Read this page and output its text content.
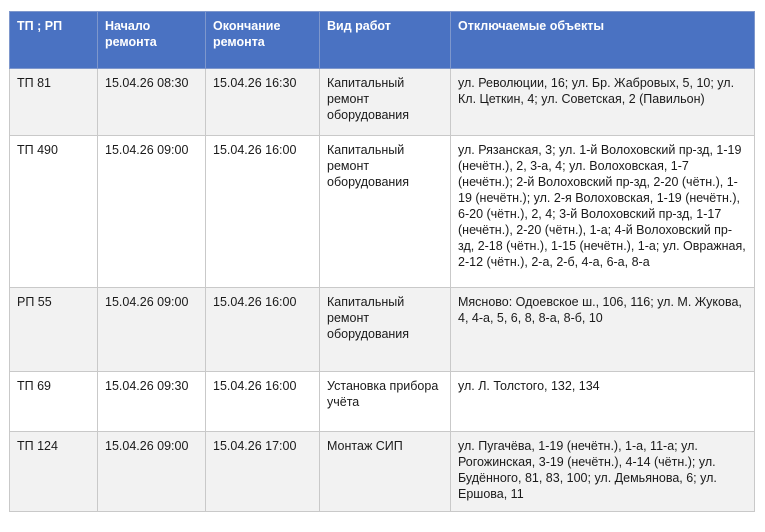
ТП ; РП	Начало ремонта	Окончание ремонта	Вид работ	Отключаемые объекты
ТП 81	15.04.26 08:30	15.04.26 16:30	Капитальный ремонт оборудования	ул. Революции, 16; ул. Бр. Жабровых, 5, 10; ул. Кл. Цеткин, 4; ул. Советская, 2 (Павильон)
ТП 490	15.04.26 09:00	15.04.26 16:00	Капитальный ремонт оборудования	ул. Рязанская, 3; ул. 1-й Волоховский пр-зд, 1-19 (нечётн.), 2, 3-а, 4; ул. Волоховская, 1-7 (нечётн.); 2-й Волоховский пр-зд, 2-20 (чётн.), 1-19 (нечётн.); ул. 2-я Волоховская, 1-19 (нечётн.), 6-20 (чётн.), 2, 4; 3-й Волоховский пр-зд, 1-17 (нечётн.), 2-20 (чётн.), 1-а; 4-й Волоховский пр-зд, 2-18 (чётн.), 1-15 (нечётн.), 1-а; ул. Овражная, 2-12 (чётн.), 2-а, 2-б, 4-а, 6-а, 8-а
РП 55	15.04.26 09:00	15.04.26 16:00	Капитальный ремонт оборудования	Мясново: Одоевское ш., 106, 116; ул. М. Жукова, 4, 4-а, 5, 6, 8, 8-а, 8-б, 10
ТП 69	15.04.26 09:30	15.04.26 16:00	Установка прибора учёта	ул. Л. Толстого, 132, 134
ТП 124	15.04.26 09:00	15.04.26 17:00	Монтаж СИП	ул. Пугачёва, 1-19 (нечётн.), 1-а, 11-а; ул. Рогожинская, 3-19 (нечётн.), 4-14 (чётн.); ул. Будённого, 81, 83, 100; ул. Демьянова, 6; ул. Ершова, 11
